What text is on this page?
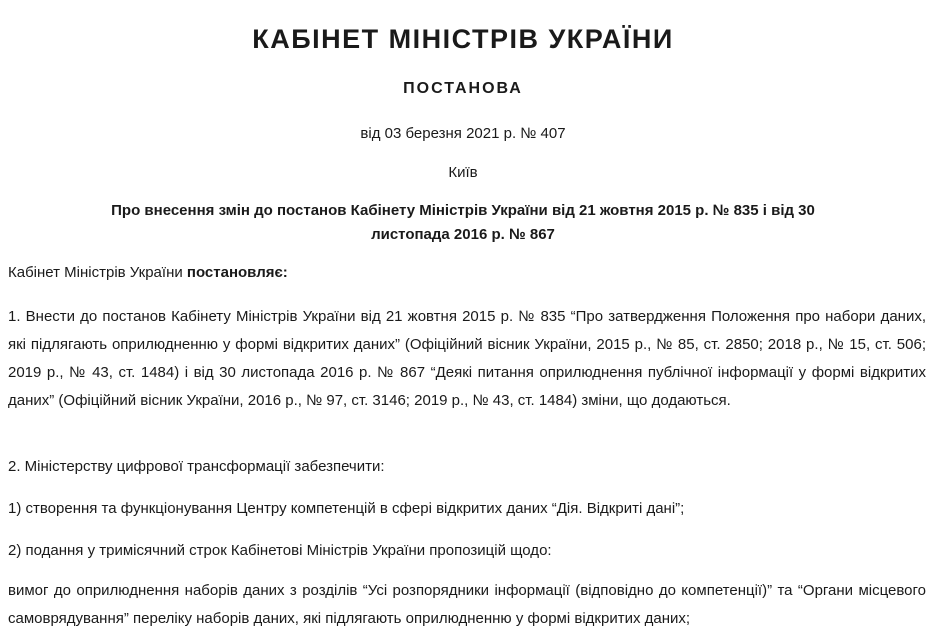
КАБІНЕТ МІНІСТРІВ УКРАЇНИ
ПОСТАНОВА
від 03 березня 2021 р. № 407
Київ
Про внесення змін до постанов Кабінету Міністрів України від 21 жовтня 2015 р. № 835 і від 30
листопада 2016 р. № 867

Кабінет Міністрів України постановляє:

1. Внести до постанов Кабінету Міністрів України від 21 жовтня 2015 р. № 835 “Про затвердження Положення про набори даних, які підлягають оприлюдненню у формі відкритих даних” (Офіційний вісник України, 2015 р., № 85, ст. 2850; 2018 р., № 15, ст. 506; 2019 р., № 43, ст. 1484) і від 30 листопада 2016 р. № 867 “Деякі питання оприлюднення публічної інформації у формі відкритих даних” (Офіційний вісник України, 2016 р., № 97, ст. 3146; 2019 р., № 43, ст. 1484) зміни, що додаються.

2. Міністерству цифрової трансформації забезпечити:

1) створення та функціонування Центру компетенцій в сфері відкритих даних “Дія. Відкриті дані”;

2) подання у тримісячний строк Кабінетові Міністрів України пропозицій щодо:

вимог до оприлюднення наборів даних з розділів “Усі розпорядники інформації (відповідно до компетенції)” та “Органи місцевого самоврядування” переліку наборів даних, які підлягають оприлюдненню у формі відкритих даних;
